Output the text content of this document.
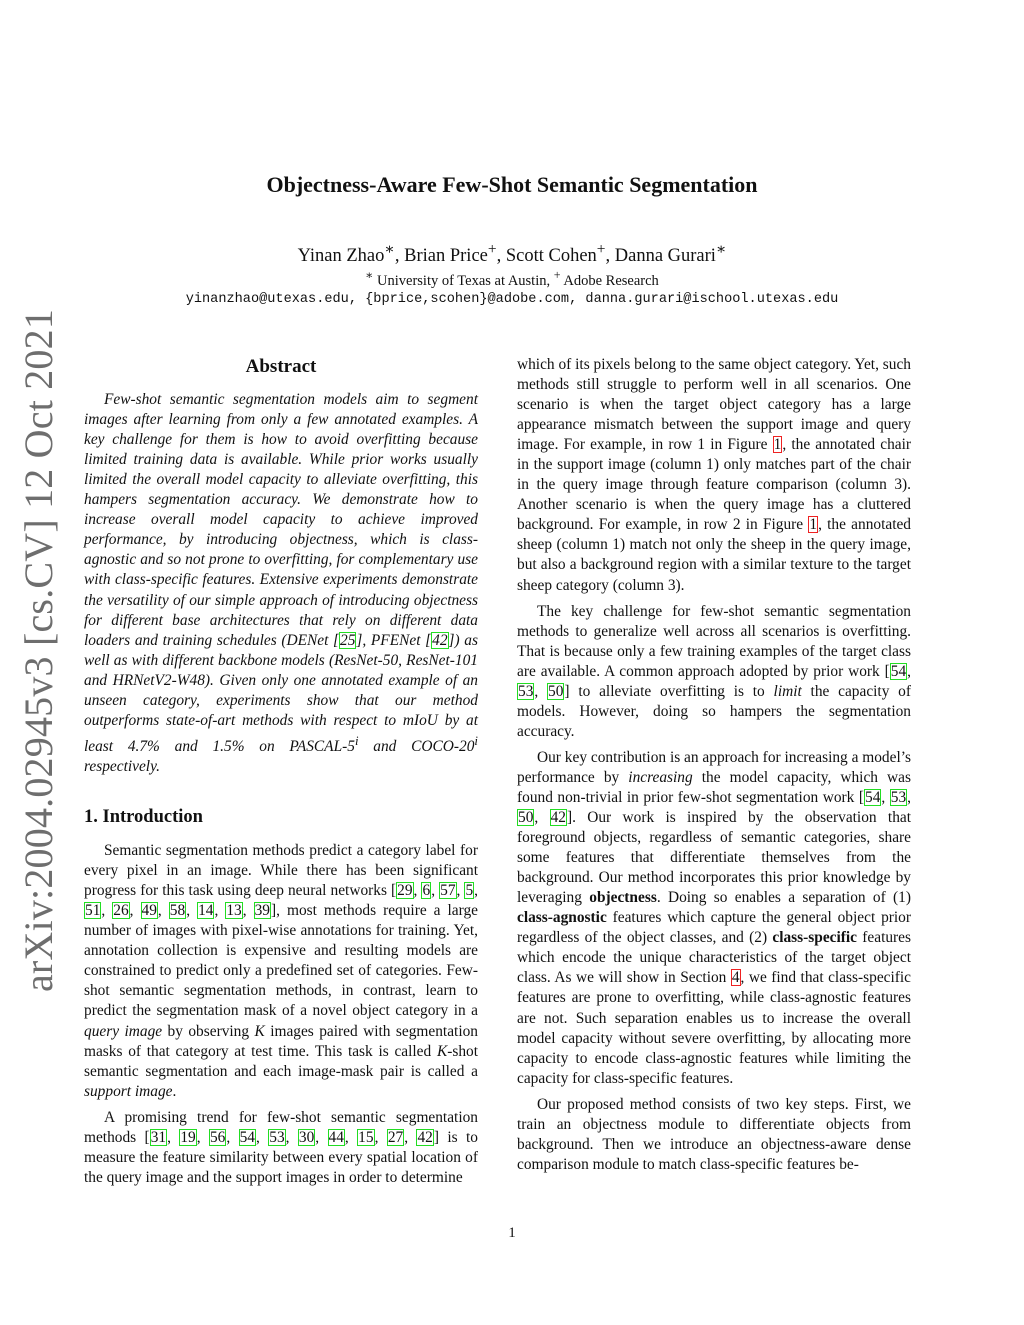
arXiv:2004.02945v3 [cs.CV] 12 Oct 2021
Objectness-Aware Few-Shot Semantic Segmentation
Yinan Zhao∗, Brian Price+, Scott Cohen+, Danna Gurari∗
∗ University of Texas at Austin, + Adobe Research
yinanzhao@utexas.edu, {bprice,scohen}@adobe.com, danna.gurari@ischool.utexas.edu
Abstract

Few-shot semantic segmentation models aim to segment images after learning from only a few annotated examples. A key challenge for them is how to avoid overfitting because limited training data is available. While prior works usually limited the overall model capacity to alleviate overfitting, this hampers segmentation accuracy. We demonstrate how to increase overall model capacity to achieve improved performance, by introducing objectness, which is class-agnostic and so not prone to overfitting, for complementary use with class-specific features. Extensive experiments demonstrate the versatility of our simple approach of introducing objectness for different base architectures that rely on different data loaders and training schedules (DENet [25], PFENet [42]) as well as with different backbone models (ResNet-50, ResNet-101 and HRNetV2-W48). Given only one annotated example of an unseen category, experiments show that our method outperforms state-of-art methods with respect to mIoU by at least 4.7% and 1.5% on PASCAL-5$^i$ and COCO-20$^i$ respectively.

1. Introduction

Semantic segmentation methods predict a category label for every pixel in an image. While there has been significant progress for this task using deep neural networks [29, 6, 57, 5, 51, 26, 49, 58, 14, 13, 39], most methods require a large number of images with pixel-wise annotations for training. Yet, annotation collection is expensive and resulting models are constrained to predict only a predefined set of categories. Few-shot semantic segmentation methods, in contrast, learn to predict the segmentation mask of a novel object category in a query image by observing K images paired with segmentation masks of that category at test time. This task is called K-shot semantic segmentation and each image-mask pair is called a support image.

A promising trend for few-shot semantic segmentation methods [31, 19, 56, 54, 53, 30, 44, 15, 27, 42] is to measure the feature similarity between every spatial location of the query image and the support images in order to determine

which of its pixels belong to the same object category. Yet, such methods still struggle to perform well in all scenarios. One scenario is when the target object category has a large appearance mismatch between the support image and query image. For example, in row 1 in Figure 1, the annotated chair in the support image (column 1) only matches part of the chair in the query image through feature comparison (column 3). Another scenario is when the query image has a cluttered background. For example, in row 2 in Figure 1, the annotated sheep (column 1) match not only the sheep in the query image, but also a background region with a similar texture to the target sheep category (column 3).

The key challenge for few-shot semantic segmentation methods to generalize well across all scenarios is overfitting. That is because only a few training examples of the target class are available. A common approach adopted by prior work [54, 53, 50] to alleviate overfitting is to limit the capacity of models. However, doing so hampers the segmentation accuracy.

Our key contribution is an approach for increasing a model’s performance by increasing the model capacity, which was found non-trivial in prior few-shot segmentation work [54, 53, 50, 42]. Our work is inspired by the observation that foreground objects, regardless of semantic categories, share some features that differentiate themselves from the background. Our method incorporates this prior knowledge by leveraging objectness. Doing so enables a separation of (1) class-agnostic features which capture the general object prior regardless of the object classes, and (2) class-specific features which encode the unique characteristics of the target object class. As we will show in Section 4, we find that class-specific features are prone to overfitting, while class-agnostic features are not. Such separation enables us to increase the overall model capacity without severe overfitting, by allocating more capacity to encode class-agnostic features while limiting the capacity for class-specific features.

Our proposed method consists of two key steps. First, we train an objectness module to differentiate objects from background. Then we introduce an objectness-aware dense comparison module to match class-specific features be-

1
